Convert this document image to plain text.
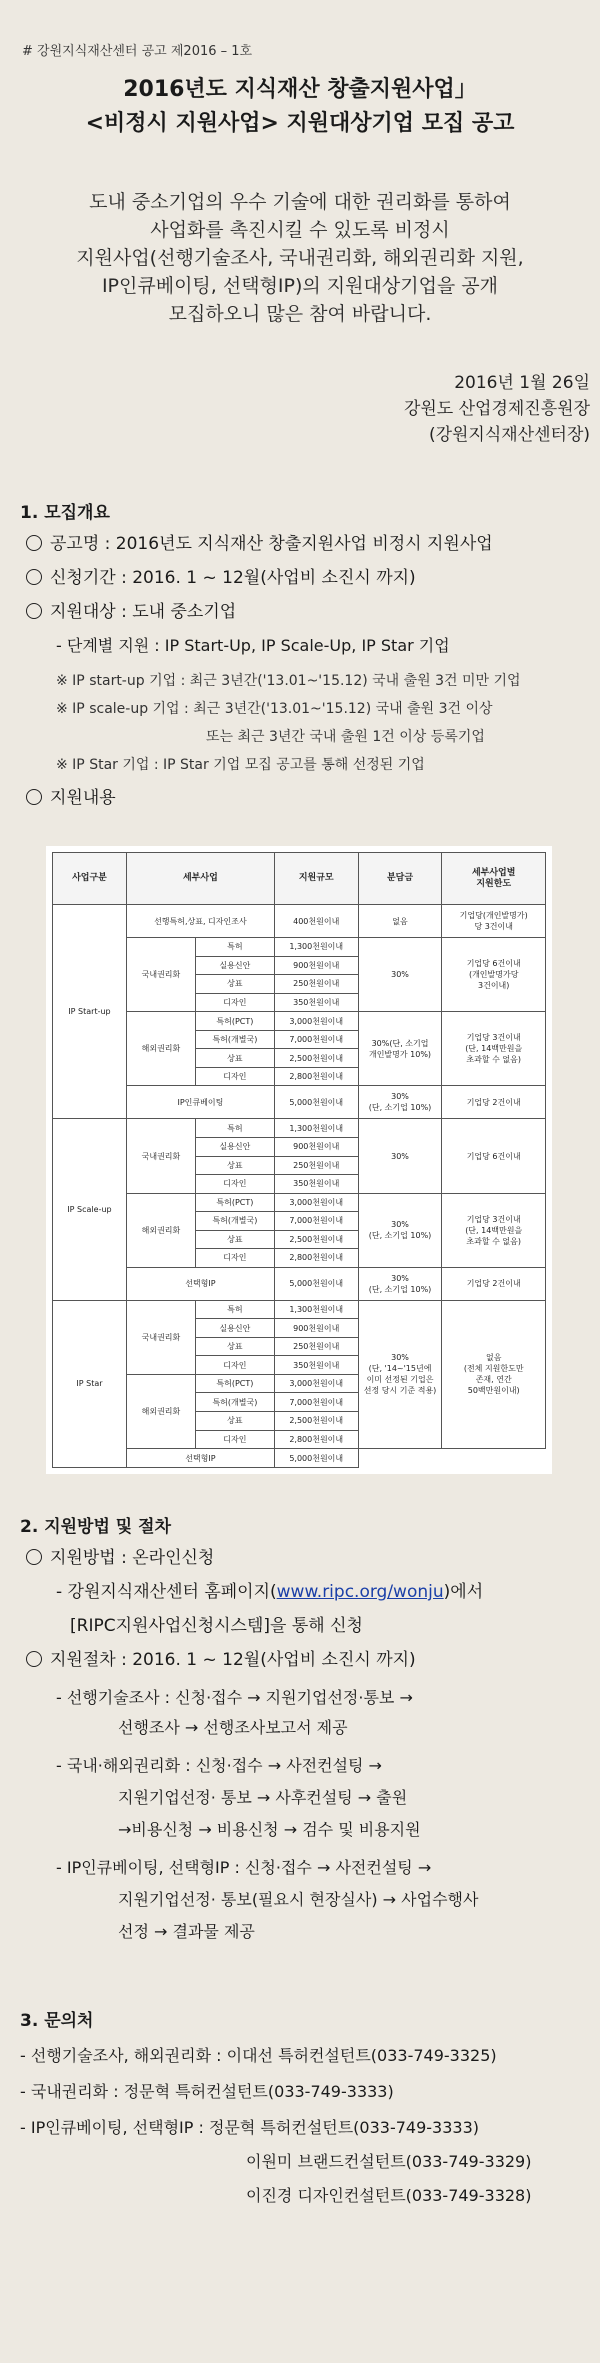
# 강원지식재산센터 공고 제2016 – 1호
2016년도 지식재산 창출지원사업」
<비정시 지원사업> 지원대상기업 모집 공고
도내 중소기업의 우수 기술에 대한 권리화를 통하여
사업화를 촉진시킬 수 있도록 비정시
지원사업(선행기술조사, 국내권리화, 해외권리화 지원,
IP인큐베이팅, 선택형IP)의 지원대상기업을 공개
모집하오니 많은 참여 바랍니다.
2016년 1월 26일
강원도 산업경제진흥원장
(강원지식재산센터장)
1. 모집개요
공고명 : 2016년도 지식재산 창출지원사업 비정시 지원사업
신청기간 : 2016. 1 ~ 12월(사업비 소진시 까지)
지원대상 : 도내 중소기업
- 단계별 지원 : IP Start-Up, IP Scale-Up, IP Star 기업
※ IP start-up 기업 : 최근 3년간('13.01~'15.12) 국내 출원 3건 미만 기업
※ IP scale-up 기업 : 최근 3년간('13.01~'15.12) 국내 출원 3건 이상
또는 최근 3년간 국내 출원 1건 이상 등록기업
※ IP Star 기업 : IP Star 기업 모집 공고를 통해 선정된 기업
지원내용
사업구분	세부사업		지원규모	분담금	세부사업별
지원한도
IP Start-up	선행특허,상표, 디자인조사		400천원이내	없음	기업당(개인발명가)
당 3건이내
	국내권리화	특허	1,300천원이내	30%	기업당 6건이내
(개인발명가당
3건이내)
		실용신안	900천원이내		
		상표	250천원이내		
		디자인	350천원이내		
	해외권리화	특허(PCT)	3,000천원이내	30%(단, 소기업
개인발명가 10%)	기업당 3건이내
(단, 14백만원을
초과할 수 없음)
		특허(개별국)	7,000천원이내		
		상표	2,500천원이내		
		디자인	2,800천원이내		
	IP인큐베이팅		5,000천원이내	30%
(단, 소기업 10%)	기업당 2건이내
IP Scale-up	국내권리화	특허	1,300천원이내	30%	기업당 6건이내
		실용신안	900천원이내		
		상표	250천원이내		
		디자인	350천원이내		
	해외권리화	특허(PCT)	3,000천원이내	30%
(단, 소기업 10%)	기업당 3건이내
(단, 14백만원을
초과할 수 없음)
		특허(개별국)	7,000천원이내		
		상표	2,500천원이내		
		디자인	2,800천원이내		
	선택형IP		5,000천원이내	30%
(단, 소기업 10%)	기업당 2건이내
IP Star	국내권리화	특허	1,300천원이내	30%
(단, '14~'15년에
이미 선정된 기업은
선정 당시 기준 적용)	없음
(전체 지원한도만
존재, 연간
50백만원이내)
		실용신안	900천원이내		
		상표	250천원이내		
		디자인	350천원이내		
	해외권리화	특허(PCT)	3,000천원이내		
		특허(개별국)	7,000천원이내		
		상표	2,500천원이내		
		디자인	2,800천원이내		
	선택형IP		5,000천원이내		
2. 지원방법 및 절차
지원방법 : 온라인신청
- 강원지식재산센터 홈페이지(www.ripc.org/wonju)에서
[RIPC지원사업신청시스템]을 통해 신청
지원절차 : 2016. 1 ~ 12월(사업비 소진시 까지)
- 선행기술조사 : 신청·접수 → 지원기업선정·통보 →
선행조사 → 선행조사보고서 제공
- 국내·해외권리화 : 신청·접수 → 사전컨설팅 →
지원기업선정· 통보 → 사후컨설팅 → 출원
→비용신청 → 비용신청 → 검수 및 비용지원
- IP인큐베이팅, 선택형IP : 신청·접수 → 사전컨설팅 →
지원기업선정· 통보(필요시 현장실사) → 사업수행사
선정 → 결과물 제공
3. 문의처
- 선행기술조사, 해외권리화 : 이대선 특허컨설턴트(033-749-3325)
- 국내권리화 : 정문혁 특허컨설턴트(033-749-3333)
- IP인큐베이팅, 선택형IP : 정문혁 특허컨설턴트(033-749-3333)
이원미 브랜드컨설턴트(033-749-3329)
이진경 디자인컨설턴트(033-749-3328)
